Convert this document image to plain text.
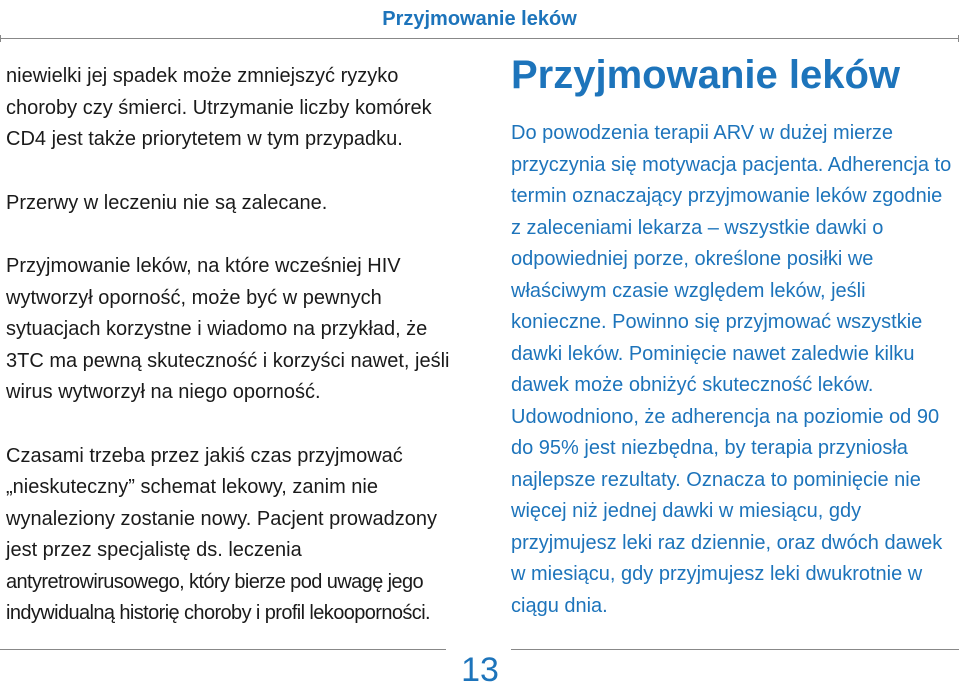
Przyjmowanie leków

niewielki jej spadek może zmniejszyć ryzyko choroby czy śmierci. Utrzymanie liczby komórek CD4 jest także priorytetem w tym przypadku.

Przerwy w leczeniu nie są zalecane.

Przyjmowanie leków, na które wcześniej HIV wytworzył oporność, może być w pewnych sytuacjach korzystne i wiadomo na przykład, że 3TC ma pewną skuteczność i korzyści nawet, jeśli wirus wytworzył na niego oporność.

Czasami trzeba przez jakiś czas przyjmować „nieskuteczny” schemat lekowy, zanim nie wynaleziony zostanie nowy. Pacjent prowadzony jest przez specjalistę ds. leczenia antyretrowirusowego, który bierze pod uwagę jego indywidualną historię choroby i profil lekooporności.

Przyjmowanie leków

Do powodzenia terapii ARV w dużej mierze przyczynia się motywacja pacjenta. Adherencja to termin oznaczający przyjmowanie leków zgodnie z zaleceniami lekarza – wszystkie dawki o odpowiedniej porze, określone posiłki we właściwym czasie względem leków, jeśli konieczne. Powinno się przyjmować wszystkie dawki leków. Pominięcie nawet zaledwie kilku dawek może obniżyć skuteczność leków. Udowodniono, że adherencja na poziomie od 90 do 95% jest niezbędna, by terapia przyniosła najlepsze rezultaty. Oznacza to pominięcie nie więcej niż jednej dawki w miesiącu, gdy przyjmujesz leki raz dziennie, oraz dwóch dawek w miesiącu, gdy przyjmujesz leki dwukrotnie w ciągu dnia.

13
